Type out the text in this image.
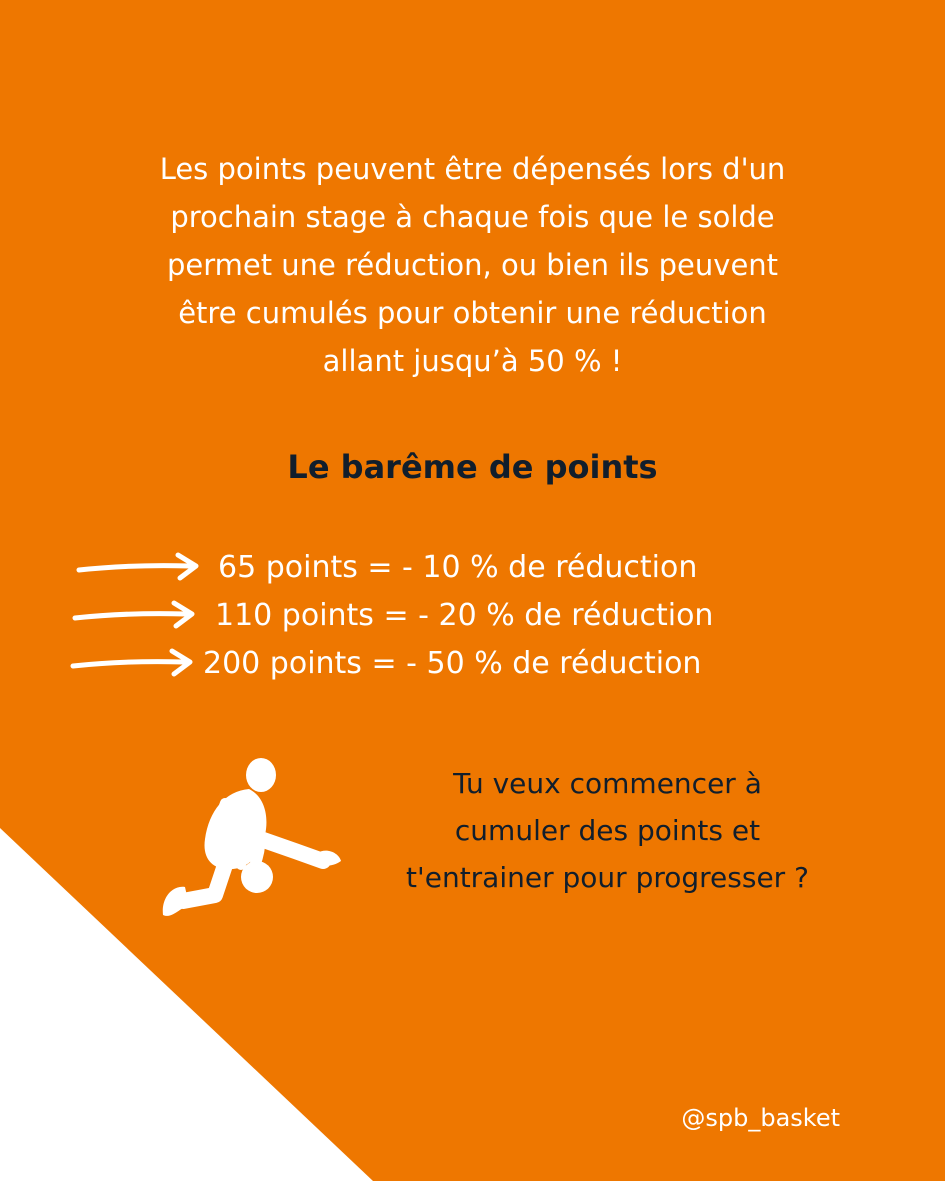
Les points peuvent être dépensés lors d'un
prochain stage à chaque fois que le solde
permet une réduction, ou bien ils peuvent
être cumulés pour obtenir une réduction
allant jusqu’à 50 % !

Le barême de points
65 points = - 10 % de réduction
110 points = - 20 % de réduction
200 points = - 50 % de réduction

Tu veux commencer à
cumuler des points et
t'entrainer pour progresser ?

@spb_basket
